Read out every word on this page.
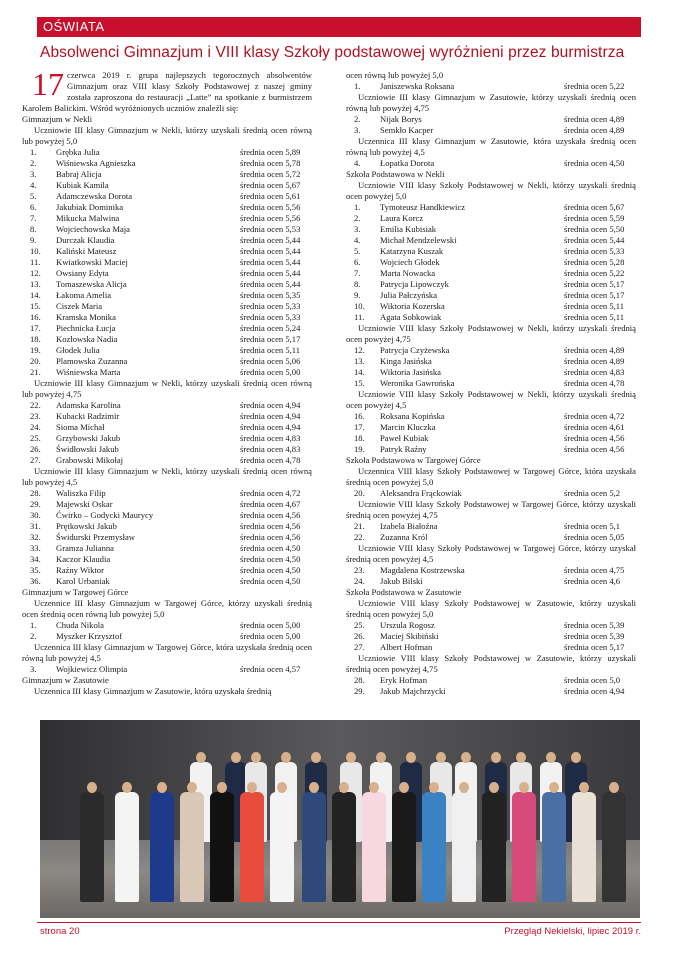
OŚWIATA
Absolwenci Gimnazjum i VIII klasy Szkoły podstawowej wyróżnieni przez burmistrza
17 czerwca 2019 r. grupa najlepszych tegorocznych absolwentów Gimnazjum oraz VIII klasy Szkoły Podstawowej z naszej gminy została zaproszona do restauracji „Latte” na spotkanie z burmistrzem Karolem Balickim. Wśród wyróżnionych uczniów znaleźli się:

Gimnazjum w Nekli

Uczniowie III klasy Gimnazjum w Nekli, którzy uzyskali średnią ocen równą lub powyżej 5,0

1.	Grębka Julia	średnia ocen 5,89
2.	Wiśniewska Agnieszka	średnia ocen 5,78
3.	Babraj Alicja	średnia ocen 5,72
4.	Kubiak Kamila	średnia ocen 5,67
5.	Adamczewska Dorota	średnia ocen 5,61
6.	Jakubiak Dominika	średnia ocen 5,56
7.	Mikucka Malwina	średnia ocen 5,56
8.	Wojciechowska Maja	średnia ocen 5,53
9.	Durczak Klaudia	średnia ocen 5,44
10.	Kaliński Mateusz	średnia ocen 5,44
11.	Kwiatkowski Maciej	średnia ocen 5,44
12.	Owsiany Edyta	średnia ocen 5,44
13.	Tomaszewska Alicja	średnia ocen 5,44
14.	Łakoma Amelia	średnia ocen 5,35
15.	Ciszek Maria	średnia ocen 5,33
16.	Kramska Monika	średnia ocen 5,33
17.	Piechnicka Łucja	średnia ocen 5,24
18.	Kozłowska Nadia	średnia ocen 5,17
19.	Głodek Julia	średnia ocen 5,11
20.	Plamowska Zuzanna	średnia ocen 5,06
21.	Wiśniewska Marta	średnia ocen 5,00

Uczniowie III klasy Gimnazjum w Nekli, którzy uzyskali średnią ocen równą lub powyżej 4,75

22.	Adamska Karolina	średnia ocen 4,94
23.	Kubacki Radzimir	średnia ocen 4,94
24.	Sioma Michał	średnia ocen 4,94
25.	Grzybowski Jakub	średnia ocen 4,83
26.	Świdłowski Jakub	średnia ocen 4,83
27.	Grabowski Mikołaj	średnia ocen 4,78

Uczniowie III klasy Gimnazjum w Nekli, którzy uzyskali średnią ocen równą lub powyżej 4,5

28.	Waliszka Filip	średnia ocen 4,72
29.	Majewski Oskar	średnia ocen 4,67
30.	Ćwirko – Godycki Maurycy	średnia ocen 4,56
31.	Prętkowski Jakub	średnia ocen 4,56
32.	Świdurski Przemysław	średnia ocen 4,56
33.	Gramza Julianna	średnia ocen 4,50
34.	Kaczor Klaudia	średnia ocen 4,50
35.	Raźny Wiktor	średnia ocen 4,50
36.	Karol Urbaniak	średnia ocen 4,50

Gimnazjum w Targowej Górce

Uczennice III klasy Gimnazjum w Targowej Górce, którzy uzyskali średnią ocen średnią ocen równą lub powyżej 5,0

1.	Chuda Nikola	średnia ocen 5,00
2.	Myszker Krzysztof	średnia ocen 5,00

Uczennica III klasy Gimnazjum w Targowej Górce, która uzyskała średnią ocen równą lub powyżej 4,5

3.	Wojkiewicz Olimpia	średnia ocen 4,57

Gimnazjum w Zasutowie

Uczennica III klasy Gimnazjum w Zasutowie, która uzyskała średnią

ocen równą lub powyżej 5,0

1.	Janiszewska Roksana	średnia ocen 5,22

Uczniowie III klasy Gimnazjum w Zasutowie, którzy uzyskali średnią ocen równą lub powyżej 4,75

2.	Nijak Borys	średnia ocen 4,89
3.	Semkło Kacper	średnia ocen 4,89

Uczennica III klasy Gimnazjum w Zasutowie, która uzyskała średnią ocen równą lub powyżej 4,5

4.	Łopatka Dorota	średnia ocen 4,50

Szkoła Podstawowa w Nekli

Uczniowie VIII klasy Szkoły Podstawowej w Nekli, którzy uzyskali średnią ocen powyżej 5,0

1.	Tymoteusz Handkiewicz	średnia ocen 5,67
2.	Laura Korcz	średnia ocen 5,59
3.	Emilia Kubisiak	średnia ocen 5,50
4.	Michał Mendzelewski	średnia ocen 5,44
5.	Katarzyna Kuszak	średnia ocen 5,33
6.	Wojciech Głodek	średnia ocen 5,28
7.	Marta Nowacka	średnia ocen 5,22
8.	Patrycja Lipowczyk	średnia ocen 5,17
9.	Julia Pałczyńska	średnia ocen 5,17
10.	Wiktoria Kozerska	średnia ocen 5,11
11.	Agata Sobkowiak	średnia ocen 5,11

Uczniowie VIII klasy Szkoły Podstawowej w Nekli, którzy uzyskali średnią ocen powyżej 4,75

12.	Patrycja Czyżewska	średnia ocen 4,89
13.	Kinga Jasińska	średnia ocen 4,89
14.	Wiktoria Jasińska	średnia ocen 4,83
15.	Weronika Gawrońska	średnia ocen 4,78

Uczniowie VIII klasy Szkoły Podstawowej w Nekli, którzy uzyskali średnią ocen powyżej 4,5

16.	Roksana Kopińska	średnia ocen 4,72
17.	Marcin Kluczka	średnia ocen 4,61
18.	Paweł Kubiak	średnia ocen 4,56
19.	Patryk Raźny	średnia ocen 4,56

Szkoła Podstawowa w Targowej Górce

Uczennica VIII klasy Szkoły Podstawowej w Targowej Górce, która uzyskała średnią ocen powyżej 5,0

20.	Aleksandra Frąckowiak	średnia ocen 5,2

Uczniowie VIII klasy Szkoły Podstawowej w Targowej Górce, którzy uzyskali średnią ocen powyżej 4,75

21.	Izabela Białoźna	średnia ocen 5,1
22.	Zuzanna Król	średnia ocen 5,05

Uczniowie VIII klasy Szkoły Podstawowej w Targowej Górce, którzy uzyskał średnią ocen powyżej 4,5

23.	Magdalena Kostrzewska	średnia ocen 4,75
24.	Jakub Bilski	średnia ocen 4,6

Szkoła Podstawowa w Zasutowie

Uczniowie VIII klasy Szkoły Podstawowej w Zasutowie, którzy uzyskali średnią ocen powyżej 5,0

25.	Urszula Rogosz	średnia ocen 5,39
26.	Maciej Skibiński	średnia ocen 5,39
27.	Albert Hofman	średnia ocen 5,17

Uczniowie VIII klasy Szkoły Podstawowej w Zasutowie, którzy uzyskali średnią ocen powyżej 4,75

28.	Eryk Hofman	średnia ocen 5,0
29.	Jakub Majchrzycki	średnia ocen 4,94
strona 20	Przegląd Nekielski, lipiec 2019 r.
